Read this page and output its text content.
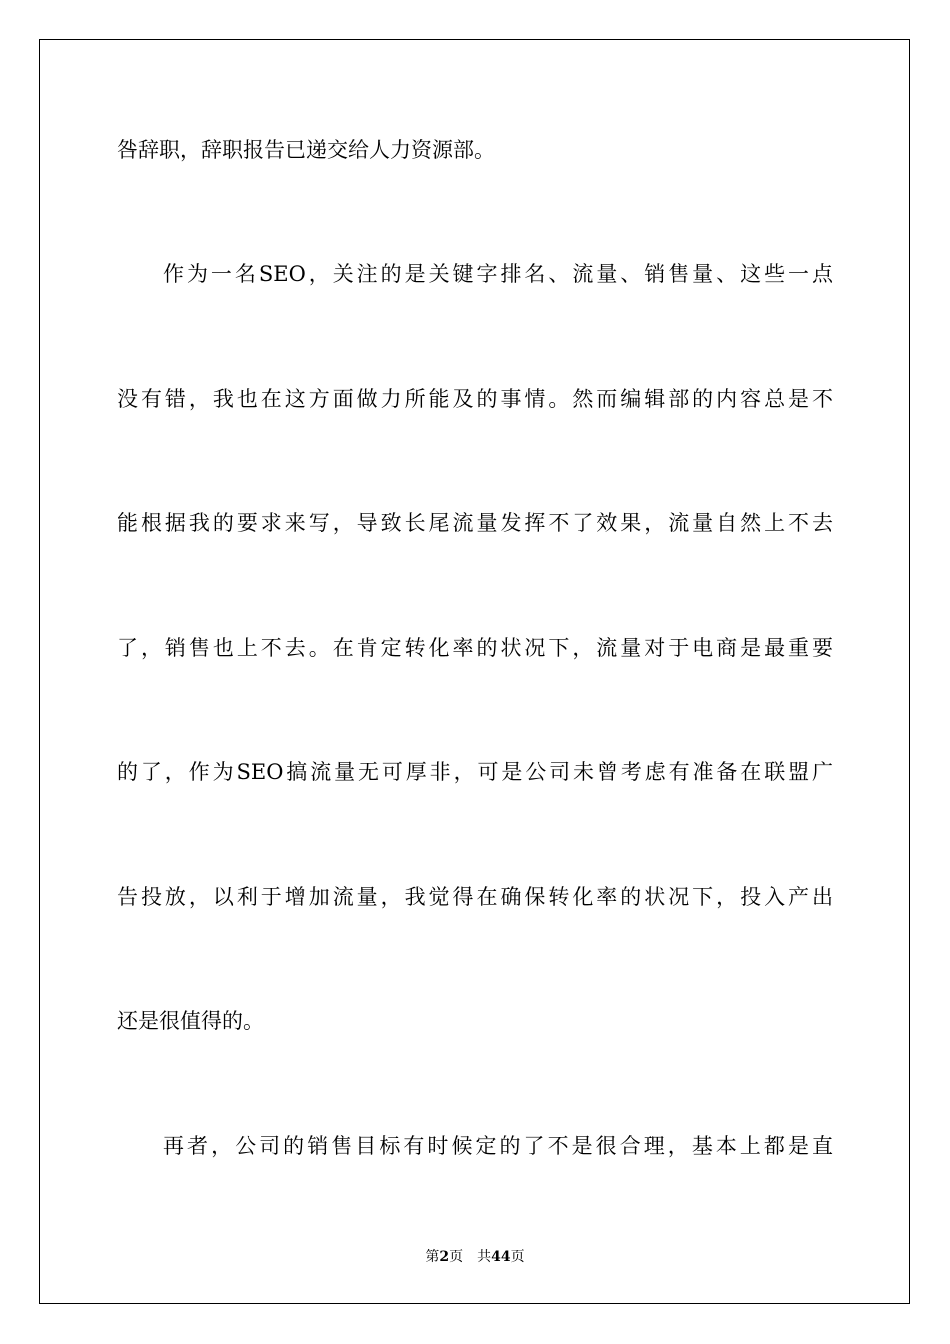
咎辞职，辞职报告已递交给人力资源部。
作为一名SEO，关注的是关键字排名、流量、销售量、这些一点
没有错，我也在这方面做力所能及的事情。然而编辑部的内容总是不
能根据我的要求来写，导致长尾流量发挥不了效果，流量自然上不去
了，销售也上不去。在肯定转化率的状况下，流量对于电商是最重要
的了，作为SEO搞流量无可厚非，可是公司未曾考虑有准备在联盟广
告投放，以利于增加流量，我觉得在确保转化率的状况下，投入产出
还是很值得的。
再者，公司的销售目标有时候定的了不是很合理，基本上都是直
第2页 共44页
